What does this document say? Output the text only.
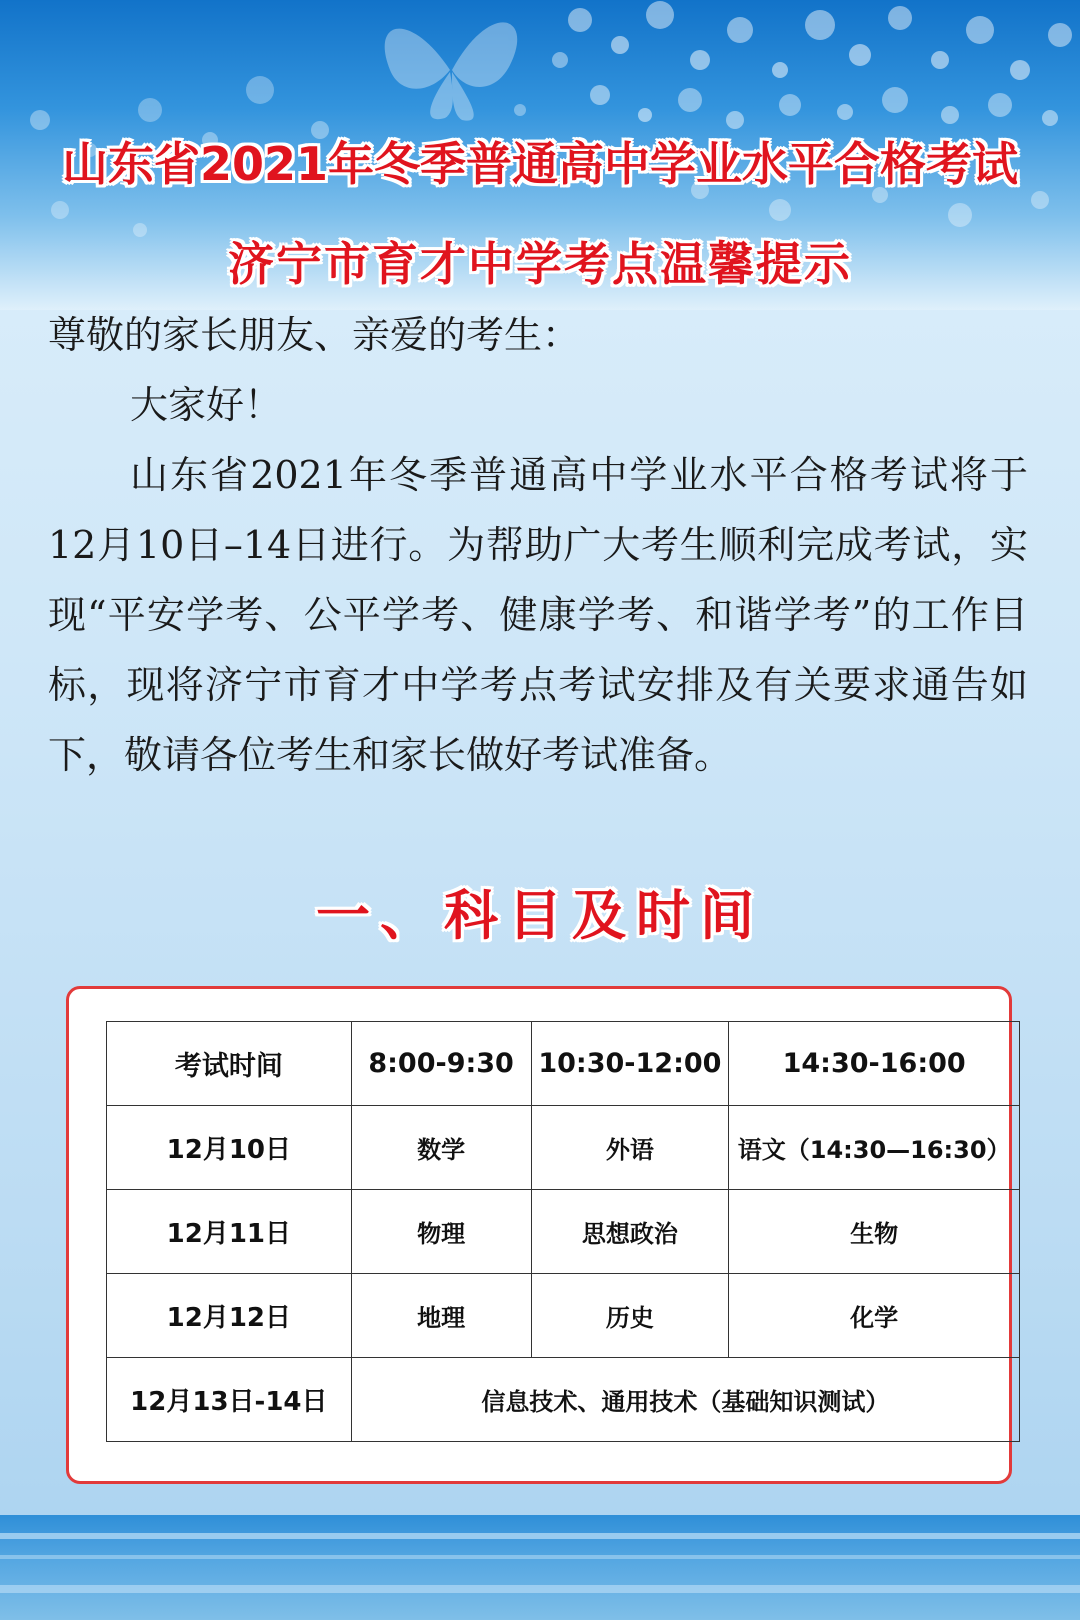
山东省2021年冬季普通高中学业水平合格考试
济宁市育才中学考点温馨提示

尊敬的家长朋友、亲爱的考生：

大家好！

山东省2021年冬季普通高中学业水平合格考试将于12月10日–14日进行。为帮助广大考生顺利完成考试，实现“平安学考、公平学考、健康学考、和谐学考”的工作目标，现将济宁市育才中学考点考试安排及有关要求通告如下，敬请各位考生和家长做好考试准备。

一、科目及时间
考试时间	8:00-9:30	10:30-12:00	14:30-16:00
12月10日	数学	外语	语文（14:30—16:30）
12月11日	物理	思想政治	生物
12月12日	地理	历史	化学
12月13日-14日	信息技术、通用技术（基础知识测试）		
